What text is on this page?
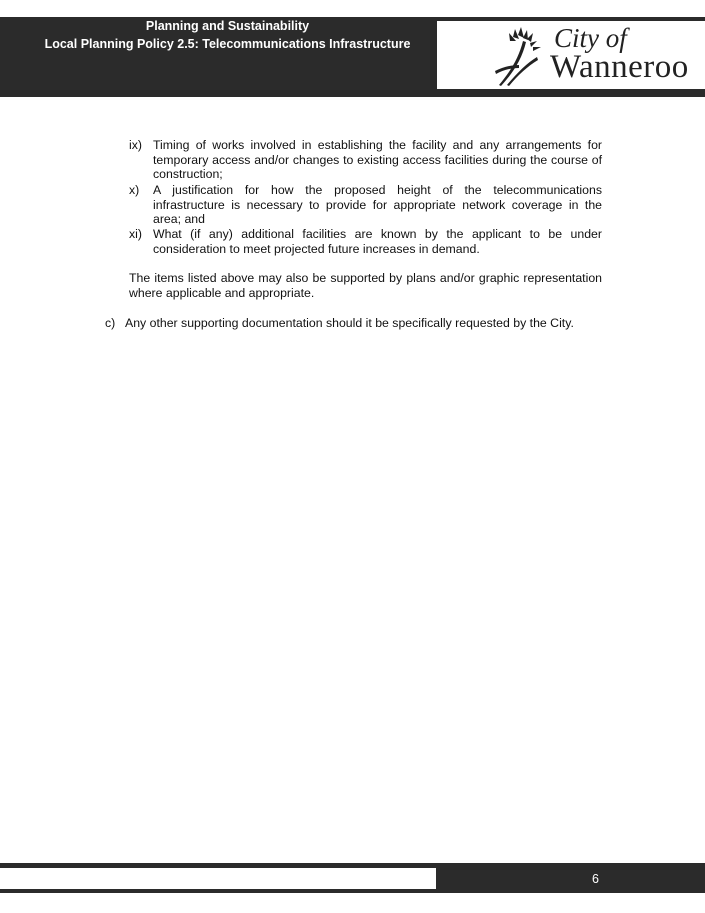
Planning and Sustainability
Local Planning Policy 2.5: Telecommunications Infrastructure	City of
Wanneroo
ix) Timing of works involved in establishing the facility and any arrangements for temporary access and/or changes to existing access facilities during the course of construction;
x) A justification for how the proposed height of the telecommunications infrastructure is necessary to provide for appropriate network coverage in the area; and
xi) What (if any) additional facilities are known by the applicant to be under consideration to meet projected future increases in demand.
The items listed above may also be supported by plans and/or graphic representation where applicable and appropriate.
c) Any other supporting documentation should it be specifically requested by the City.
6
